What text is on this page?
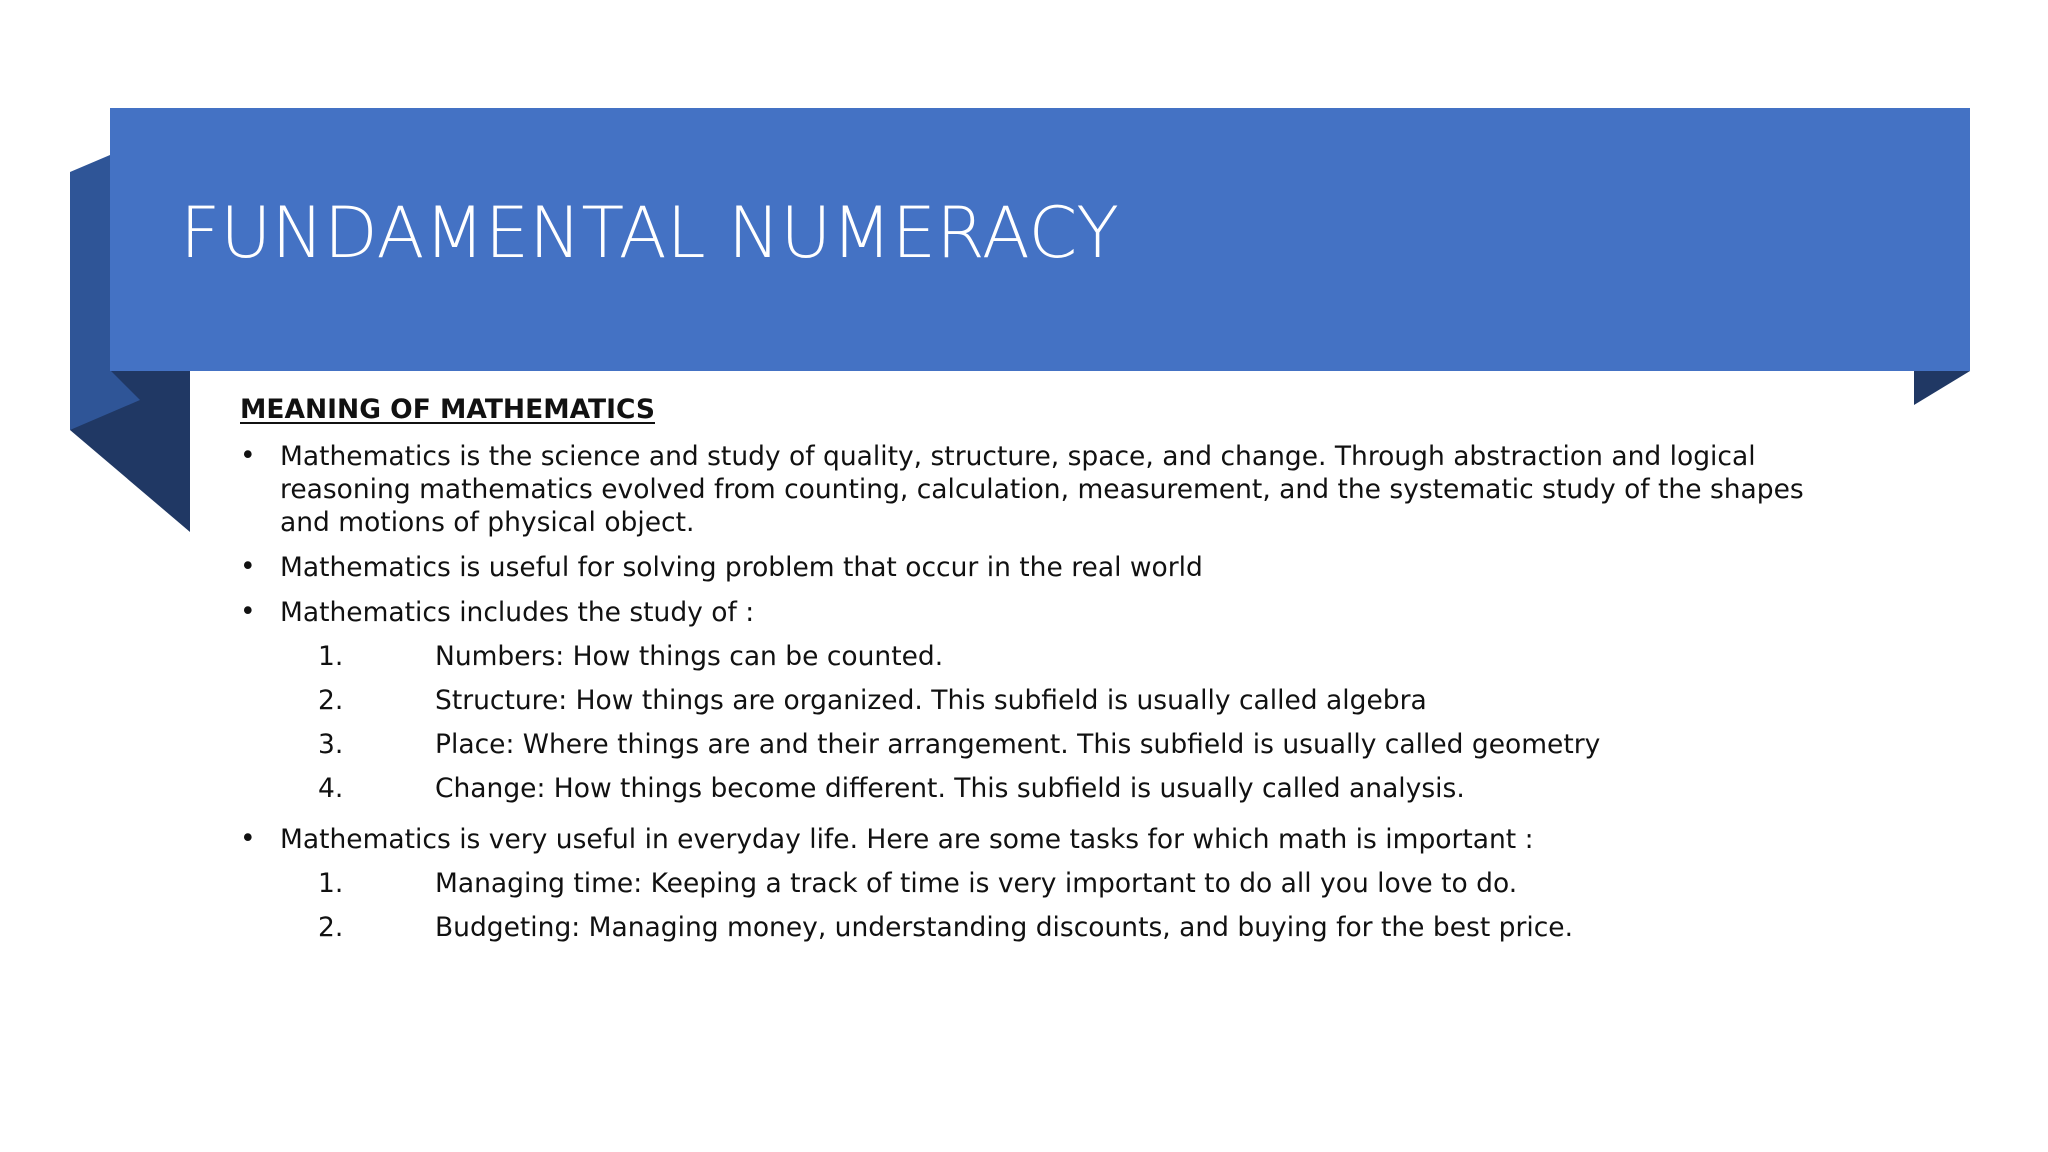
FUNDAMENTAL NUMERACY
MEANING OF MATHEMATICS
• Mathematics is the science and study of quality, structure, space, and change. Through abstraction and logical reasoning mathematics evolved from counting, calculation, measurement, and the systematic study of the shapes and motions of physical object.
• Mathematics is useful for solving problem that occur in the real world
• Mathematics includes the study of :
1.	Numbers: How things can be counted.
2.	Structure: How things are organized. This subfield is usually called algebra
3.	Place: Where things are and their arrangement. This subfield is usually called geometry
4.	Change: How things become different. This subfield is usually called analysis.
• Mathematics is very useful in everyday life. Here are some tasks for which math is important :
1.	Managing time: Keeping a track of time is very important to do all you love to do.
2.	Budgeting: Managing money, understanding discounts, and buying for the best price.
